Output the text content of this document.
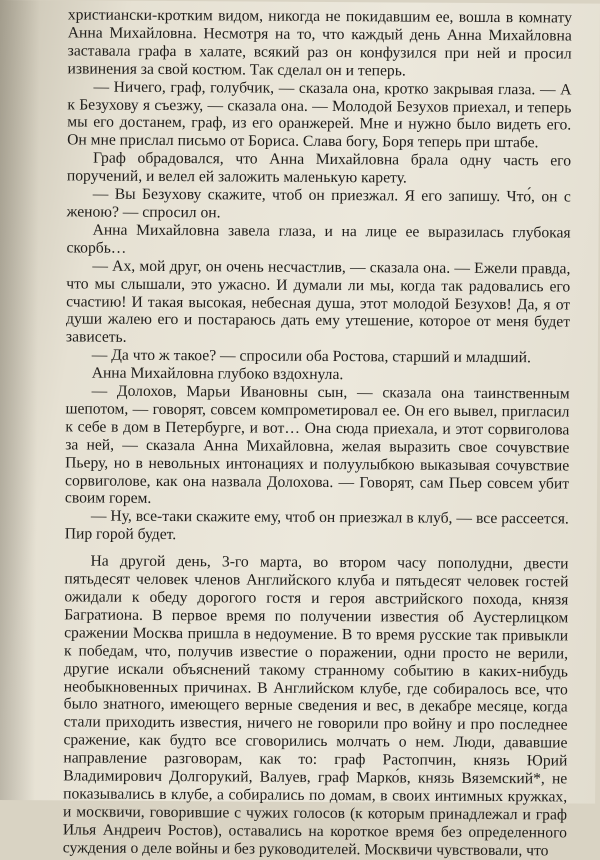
христиански-кротким видом, никогда не покидавшим ее, вошла в комнату Анна Михайловна. Несмотря на то, что каждый день Анна Михайловна заставала графа в халате, всякий раз он конфузился при ней и просил извинения за свой костюм. Так сделал он и теперь.

— Ничего, граф, голубчик, — сказала она, кротко закрывая глаза. — А к Безухову я съезжу, — сказала она. — Молодой Безухов приехал, и теперь мы его достанем, граф, из его оранжерей. Мне и нужно было видеть его. Он мне прислал письмо от Бориса. Слава богу, Боря теперь при штабе.

Граф обрадовался, что Анна Михайловна брала одну часть его поручений, и велел ей заложить маленькую карету.

— Вы Безухову скажите, чтоб он приезжал. Я его запишу. Что́, он с женою? — спросил он.

Анна Михайловна завела глаза, и на лице ее выразилась глубокая скорбь…

— Ах, мой друг, он очень несчастлив, — сказала она. — Ежели правда, что мы слышали, это ужасно. И думали ли мы, когда так радовались его счастию! И такая высокая, небесная душа, этот молодой Безухов! Да, я от души жалею его и постараюсь дать ему утешение, которое от меня будет зависеть.

— Да что ж такое? — спросили оба Ростова, старший и младший.

Анна Михайловна глубоко вздохнула.

— Долохов, Марьи Ивановны сын, — сказала она таинственным шепотом, — говорят, совсем компрометировал ее. Он его вывел, пригласил к себе в дом в Петербурге, и вот… Она сюда приехала, и этот сорвиголова за ней, — сказала Анна Михайловна, желая выразить свое сочувствие Пьеру, но в невольных интонациях и полуулыбкою выказывая сочувствие сорвиголове, как она назвала Долохова. — Говорят, сам Пьер совсем убит своим горем.

— Ну, все-таки скажите ему, чтоб он приезжал в клуб, — все рассеется. Пир горой будет.

На другой день, 3-го марта, во втором часу пополудни, двести пятьдесят человек членов Английского клуба и пятьдесят человек гостей ожидали к обеду дорогого гостя и героя австрийского похода, князя Багратиона. В первое время по получении известия об Аустерлицком сражении Москва пришла в недоумение. В то время русские так привыкли к победам, что, получив известие о поражении, одни просто не верили, другие искали объяснений такому странному событию в каких-нибудь необыкновенных причинах. В Английском клубе, где собиралось все, что было знатного, имеющего верные сведения и вес, в декабре месяце, когда стали приходить известия, ничего не говорили про войну и про последнее сражение, как будто все сговорились молчать о нем. Люди, дававшие направление разговорам, как то: граф Растопчин, князь Юрий Владимирович Долгорукий, Валуев, граф Марко́в, князь Вяземский*, не показывались в клубе, а собирались по домам, в своих интимных кружках, и москвичи, говорившие с чужих голосов (к которым принадлежал и граф Илья Андреич Ростов), оставались на короткое время без определенного суждения о деле войны и без руководителей. Москвичи чувствовали, что
